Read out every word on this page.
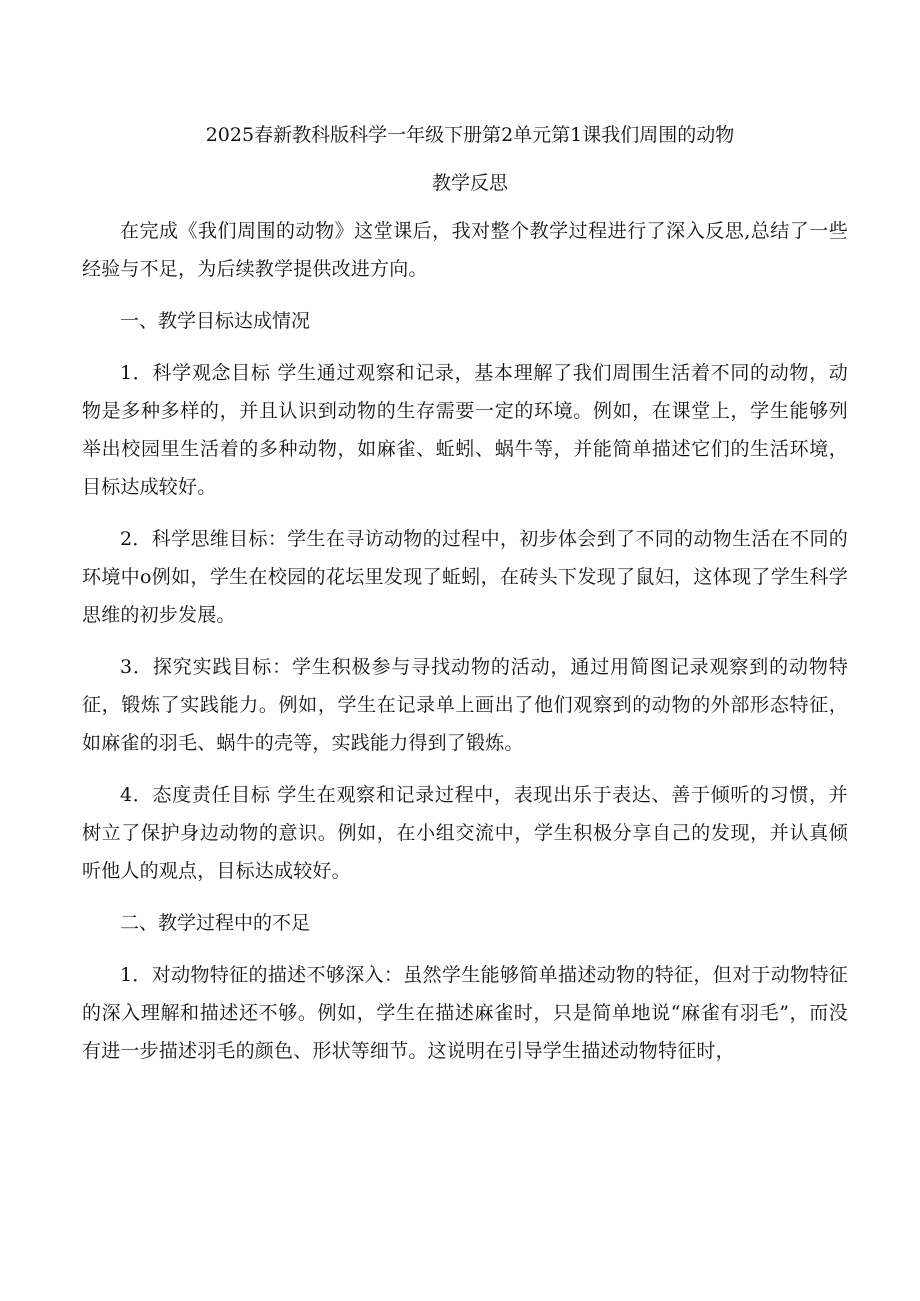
2025春新教科版科学一年级下册第2单元第1课我们周围的动物

教学反思

在完成《我们周围的动物》这堂课后，我对整个教学过程进行了深入反思,总结了一些经验与不足，为后续教学提供改进方向。

一、教学目标达成情况

1．科学观念目标 学生通过观察和记录，基本理解了我们周围生活着不同的动物，动物是多种多样的，并且认识到动物的生存需要一定的环境。例如，在课堂上，学生能够列举出校园里生活着的多种动物，如麻雀、蚯蚓、蜗牛等，并能简单描述它们的生活环境，目标达成较好。

2．科学思维目标：学生在寻访动物的过程中，初步体会到了不同的动物生活在不同的环境中o例如，学生在校园的花坛里发现了蚯蚓，在砖头下发现了鼠妇，这体现了学生科学思维的初步发展。

3．探究实践目标：学生积极参与寻找动物的活动，通过用简图记录观察到的动物特征，锻炼了实践能力。例如，学生在记录单上画出了他们观察到的动物的外部形态特征，如麻雀的羽毛、蜗牛的壳等，实践能力得到了锻炼。

4．态度责任目标 学生在观察和记录过程中，表现出乐于表达、善于倾听的习惯，并树立了保护身边动物的意识。例如，在小组交流中，学生积极分享自己的发现，并认真倾听他人的观点，目标达成较好。

二、教学过程中的不足

1．对动物特征的描述不够深入：虽然学生能够简单描述动物的特征，但对于动物特征的深入理解和描述还不够。例如，学生在描述麻雀时，只是简单地说“麻雀有羽毛”，而没有进一步描述羽毛的颜色、形状等细节。这说明在引导学生描述动物特征时，
